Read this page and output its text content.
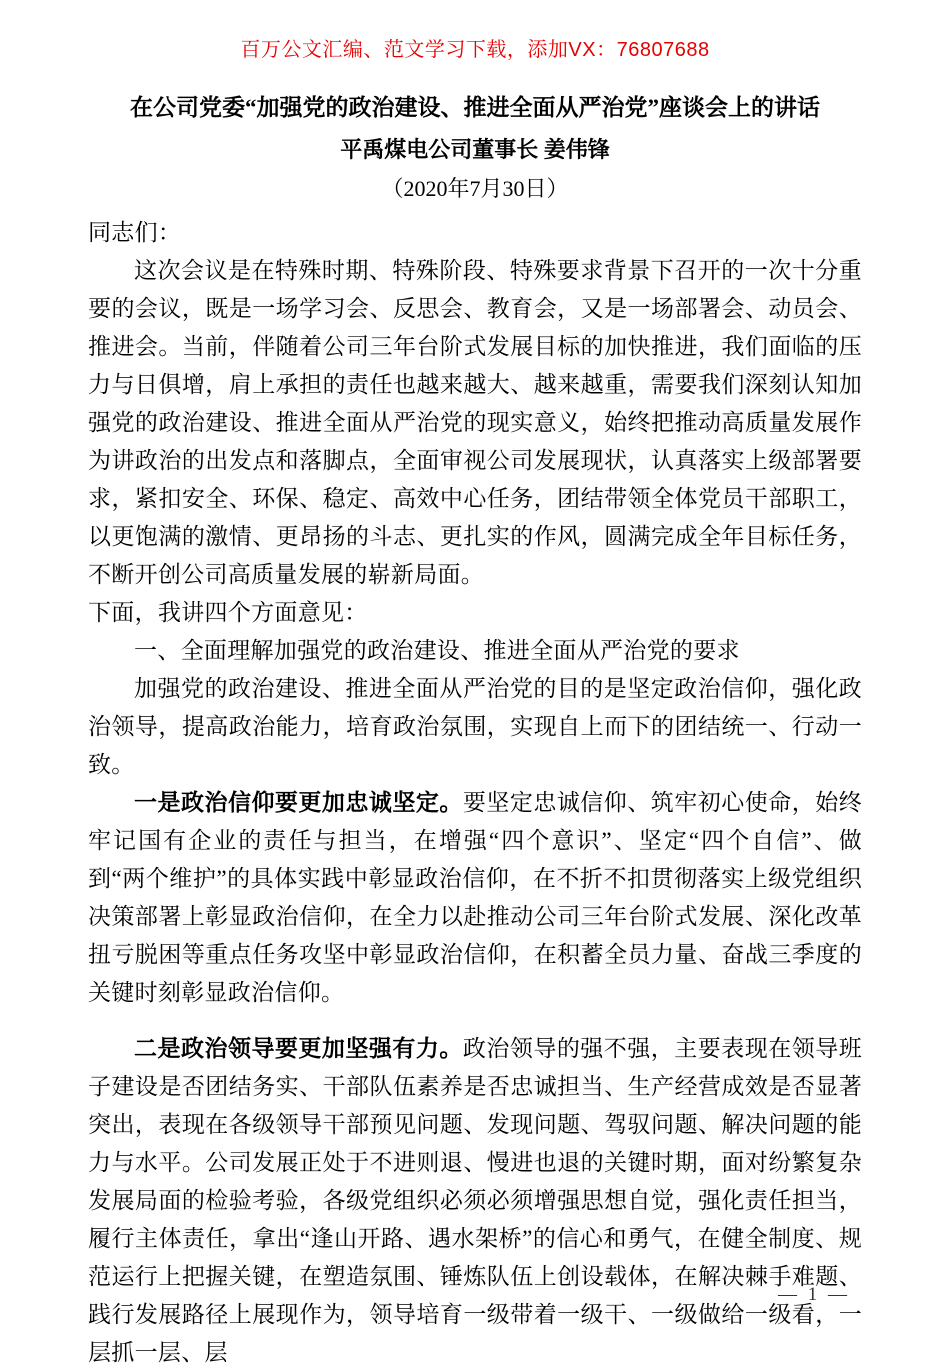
百万公文汇编、范文学习下载，添加VX：76807688
在公司党委“加强党的政治建设、推进全面从严治党”座谈会上的讲话
平禹煤电公司董事长 姜伟锋
（2020年7月30日）

同志们：

这次会议是在特殊时期、特殊阶段、特殊要求背景下召开的一次十分重要的会议，既是一场学习会、反思会、教育会，又是一场部署会、动员会、推进会。当前，伴随着公司三年台阶式发展目标的加快推进，我们面临的压力与日俱增，肩上承担的责任也越来越大、越来越重，需要我们深刻认知加强党的政治建设、推进全面从严治党的现实意义，始终把推动高质量发展作为讲政治的出发点和落脚点，全面审视公司发展现状，认真落实上级部署要求，紧扣安全、环保、稳定、高效中心任务，团结带领全体党员干部职工，以更饱满的激情、更昂扬的斗志、更扎实的作风，圆满完成全年目标任务，不断开创公司高质量发展的崭新局面。

下面，我讲四个方面意见：

一、全面理解加强党的政治建设、推进全面从严治党的要求

加强党的政治建设、推进全面从严治党的目的是坚定政治信仰，强化政治领导，提高政治能力，培育政治氛围，实现自上而下的团结统一、行动一致。

一是政治信仰要更加忠诚坚定。要坚定忠诚信仰、筑牢初心使命，始终牢记国有企业的责任与担当，在增强“四个意识”、坚定“四个自信”、做到“两个维护”的具体实践中彰显政治信仰，在不折不扣贯彻落实上级党组织决策部署上彰显政治信仰，在全力以赴推动公司三年台阶式发展、深化改革扭亏脱困等重点任务攻坚中彰显政治信仰，在积蓄全员力量、奋战三季度的关键时刻彰显政治信仰。

二是政治领导要更加坚强有力。政治领导的强不强，主要表现在领导班子建设是否团结务实、干部队伍素养是否忠诚担当、生产经营成效是否显著突出，表现在各级领导干部预见问题、发现问题、驾驭问题、解决问题的能力与水平。公司发展正处于不进则退、慢进也退的关键时期，面对纷繁复杂发展局面的检验考验，各级党组织必须必须增强思想自觉，强化责任担当，履行主体责任，拿出“逢山开路、遇水架桥”的信心和勇气，在健全制度、规范运行上把握关键，在塑造氛围、锤炼队伍上创设载体，在解决棘手难题、践行发展路径上展现作为，领导培育一级带着一级干、一级做给一级看，一层抓一层、层

— 1 —
